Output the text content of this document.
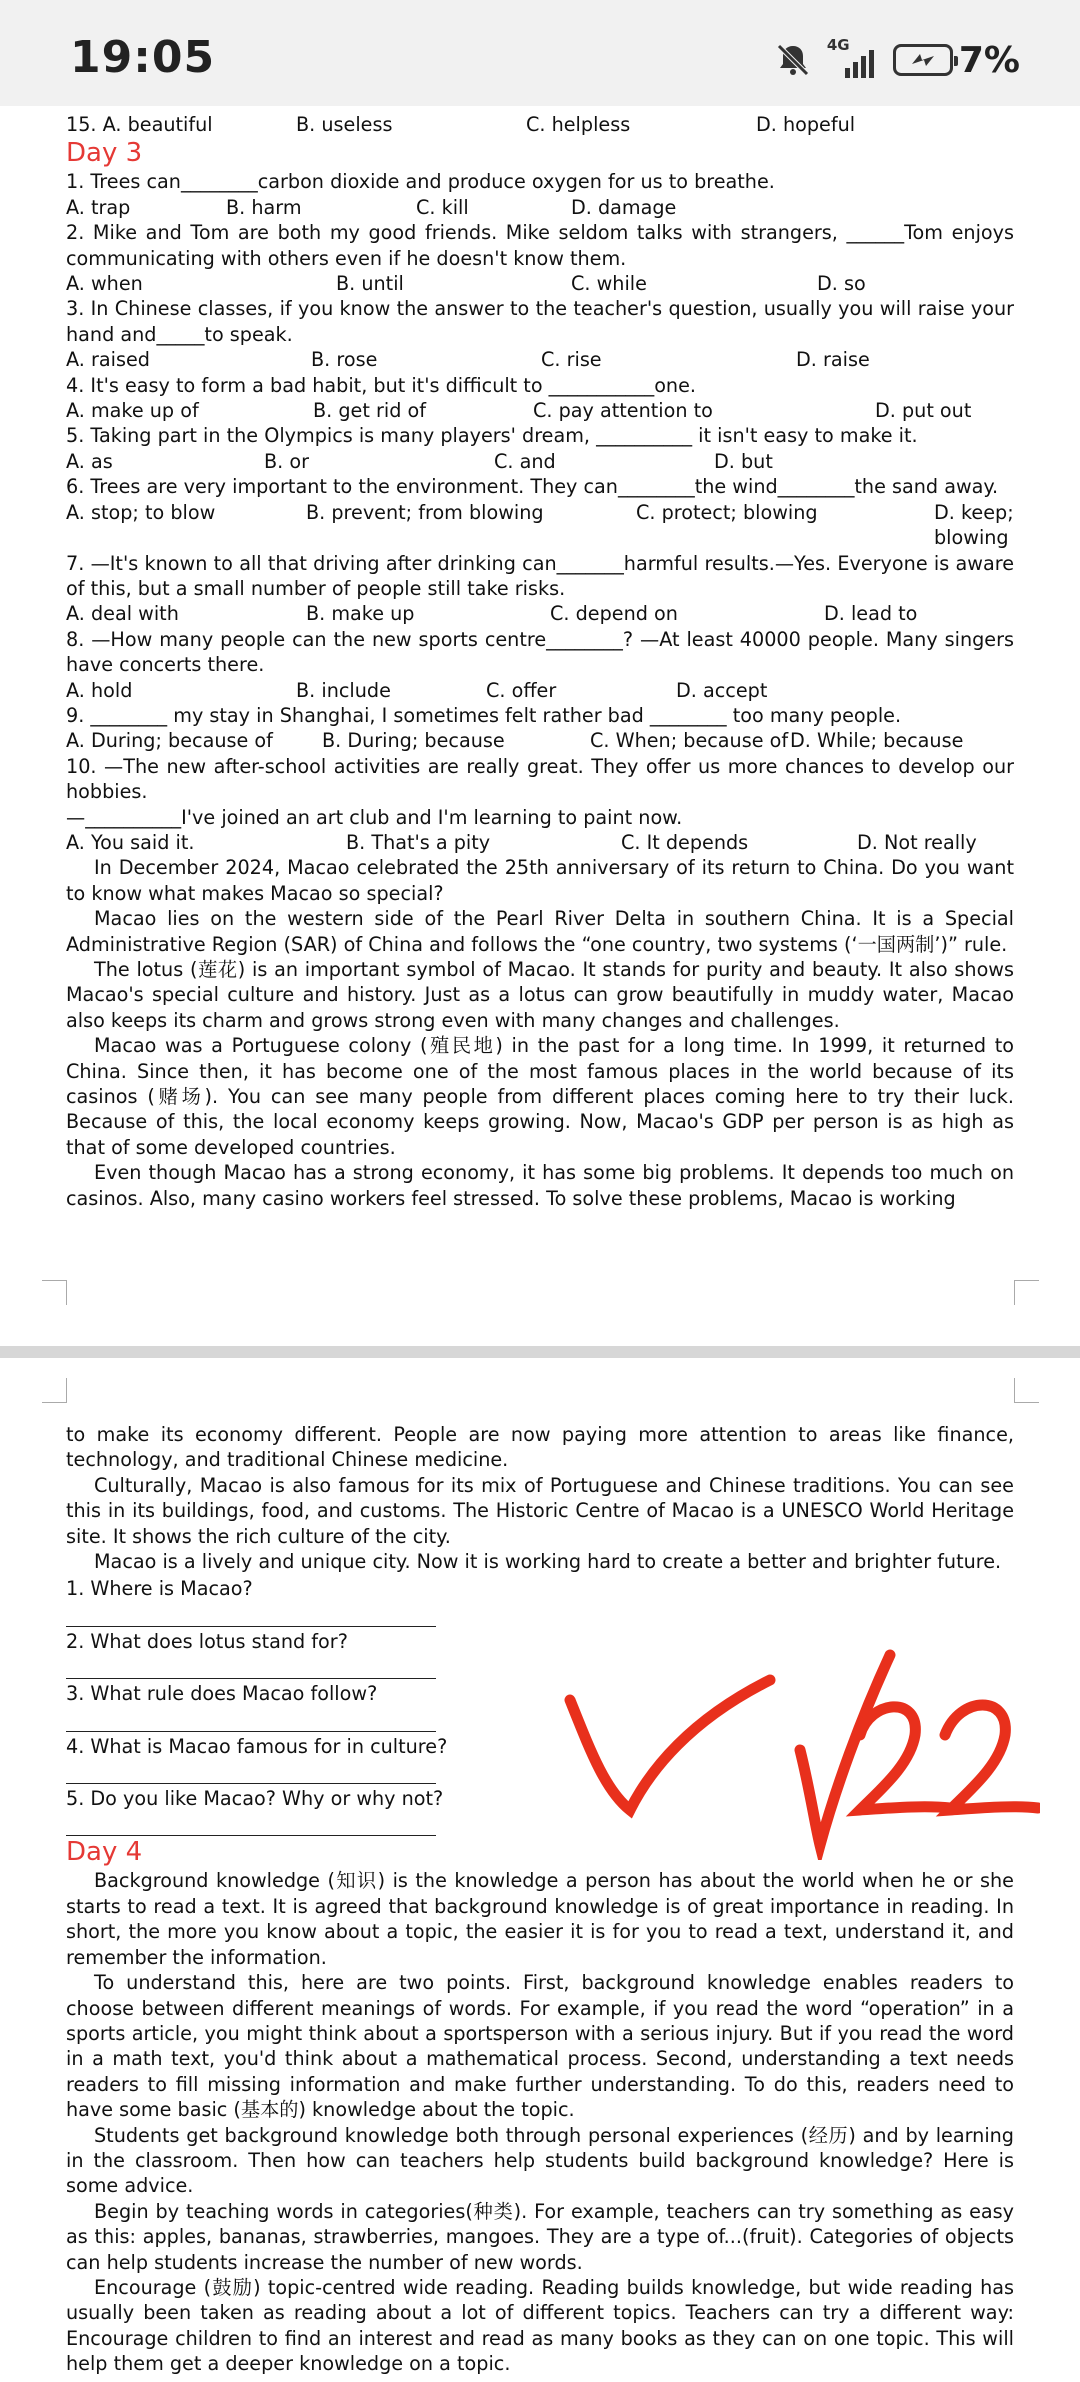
19:05	4G	7%
15. A. beautiful	B. useless	C. helpless	D. hopeful
Day 3

1. Trees can________carbon dioxide and produce oxygen for us to breathe.

A. trap	B. harm	C. kill	D. damage

2. Mike and Tom are both my good friends. Mike seldom talks with strangers, ______Tom enjoys communicating with others even if he doesn't know them.

A. when	B. until	C. while	D. so

3. In Chinese classes, if you know the answer to the teacher's question, usually you will raise your hand and_____to speak.

A. raised	B. rose	C. rise	D. raise

4. It's easy to form a bad habit, but it's difficult to ___________one.

A. make up of	B. get rid of	C. pay attention to	D. put out

5. Taking part in the Olympics is many players' dream, __________ it isn't easy to make it.

A. as	B. or	C. and	D. but

6. Trees are very important to the environment. They can________the wind________the sand away.

A. stop; to blow	B. prevent; from blowing	C. protect; blowing	D. keep; blowing

7. —It's known to all that driving after drinking can_______harmful results.—Yes. Everyone is aware of this, but a small number of people still take risks.

A. deal with	B. make up	C. depend on	D. lead to

8. —How many people can the new sports centre________? —At least 40000 people. Many singers have concerts there.

A. hold	B. include	C. offer	D. accept

9. ________ my stay in Shanghai, I sometimes felt rather bad ________ too many people.

A. During; because of	B. During; because	C. When; because of D. While; because

10. —The new after-school activities are really great. They offer us more chances to develop our hobbies.

—__________I've joined an art club and I'm learning to paint now.

A. You said it.	B. That's a pity	C. It depends	D. Not really

In December 2024, Macao celebrated the 25th anniversary of its return to China. Do you want to know what makes Macao so special?

Macao lies on the western side of the Pearl River Delta in southern China. It is a Special Administrative Region (SAR) of China and follows the “one country, two systems (‘一国两制’)” rule.

The lotus (莲花) is an important symbol of Macao. It stands for purity and beauty. It also shows Macao's special culture and history. Just as a lotus can grow beautifully in muddy water, Macao also keeps its charm and grows strong even with many changes and challenges.

Macao was a Portuguese colony (殖民地) in the past for a long time. In 1999, it returned to China. Since then, it has become one of the most famous places in the world because of its casinos (赌场). You can see many people from different places coming here to try their luck. Because of this, the local economy keeps growing. Now, Macao's GDP per person is as high as that of some developed countries.

Even though Macao has a strong economy, it has some big problems. It depends too much on casinos. Also, many casino workers feel stressed. To solve these problems, Macao is working

to make its economy different. People are now paying more attention to areas like finance, technology, and traditional Chinese medicine.

Culturally, Macao is also famous for its mix of Portuguese and Chinese traditions. You can see this in its buildings, food, and customs. The Historic Centre of Macao is a UNESCO World Heritage site. It shows the rich culture of the city.

Macao is a lively and unique city. Now it is working hard to create a better and brighter future.

1. Where is Macao?
2. What does lotus stand for?
3. What rule does Macao follow?
4. What is Macao famous for in culture?
5. Do you like Macao? Why or why not?
Day 4

Background knowledge (知识) is the knowledge a person has about the world when he or she starts to read a text. It is agreed that background knowledge is of great importance in reading. In short, the more you know about a topic, the easier it is for you to read a text, understand it, and remember the information.

To understand this, here are two points. First, background knowledge enables readers to choose between different meanings of words. For example, if you read the word “operation” in a sports article, you might think about a sportsperson with a serious injury. But if you read the word in a math text, you'd think about a mathematical process. Second, understanding a text needs readers to fill missing information and make further understanding. To do this, readers need to have some basic (基本的) knowledge about the topic.

Students get background knowledge both through personal experiences (经历) and by learning in the classroom. Then how can teachers help students build background knowledge? Here is some advice.

Begin by teaching words in categories(种类). For example, teachers can try something as easy as this: apples, bananas, strawberries, mangoes. They are a type of...(fruit). Categories of objects can help students increase the number of new words.

Encourage (鼓励) topic-centred wide reading. Reading builds knowledge, but wide reading has usually been taken as reading about a lot of different topics. Teachers can try a different way: Encourage children to find an interest and read as many books as they can on one topic. This will help them get a deeper knowledge on a topic.
